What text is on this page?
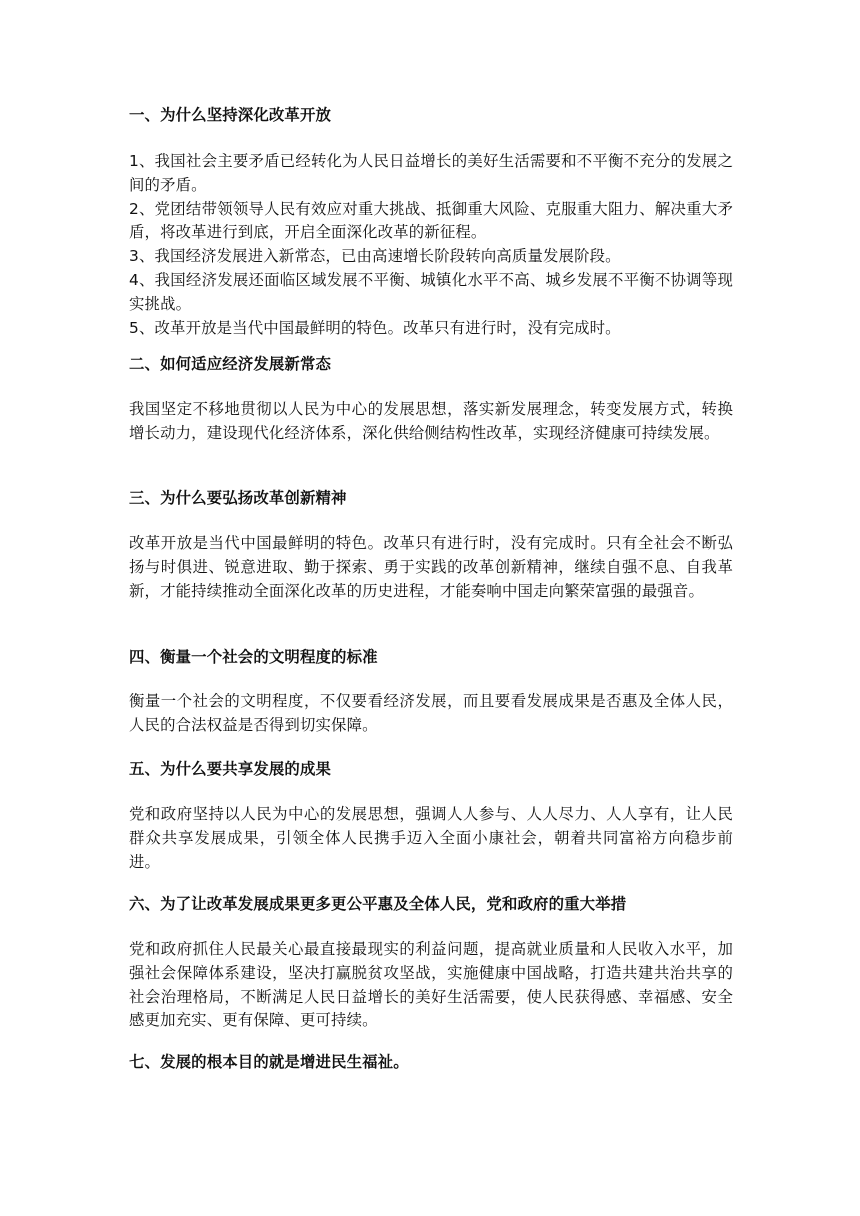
一、为什么坚持深化改革开放

1、我国社会主要矛盾已经转化为人民日益增长的美好生活需要和不平衡不充分的发展之间的矛盾。
2、党团结带领领导人民有效应对重大挑战、抵御重大风险、克服重大阻力、解决重大矛盾，将改革进行到底，开启全面深化改革的新征程。
3、我国经济发展进入新常态，已由高速增长阶段转向高质量发展阶段。
4、我国经济发展还面临区域发展不平衡、城镇化水平不高、城乡发展不平衡不协调等现实挑战。
5、改革开放是当代中国最鲜明的特色。改革只有进行时，没有完成时。

二、如何适应经济发展新常态

我国坚定不移地贯彻以人民为中心的发展思想，落实新发展理念，转变发展方式，转换增长动力，建设现代化经济体系，深化供给侧结构性改革，实现经济健康可持续发展。

三、为什么要弘扬改革创新精神

改革开放是当代中国最鲜明的特色。改革只有进行时，没有完成时。只有全社会不断弘扬与时俱进、锐意进取、勤于探索、勇于实践的改革创新精神，继续自强不息、自我革新，才能持续推动全面深化改革的历史进程，才能奏响中国走向繁荣富强的最强音。

四、衡量一个社会的文明程度的标准

衡量一个社会的文明程度，不仅要看经济发展，而且要看发展成果是否惠及全体人民，人民的合法权益是否得到切实保障。

五、为什么要共享发展的成果

党和政府坚持以人民为中心的发展思想，强调人人参与、人人尽力、人人享有，让人民群众共享发展成果，引领全体人民携手迈入全面小康社会，朝着共同富裕方向稳步前进。

六、为了让改革发展成果更多更公平惠及全体人民，党和政府的重大举措

党和政府抓住人民最关心最直接最现实的利益问题，提高就业质量和人民收入水平，加强社会保障体系建设，坚决打赢脱贫攻坚战，实施健康中国战略，打造共建共治共享的社会治理格局，不断满足人民日益增长的美好生活需要，使人民获得感、幸福感、安全感更加充实、更有保障、更可持续。

七、发展的根本目的就是增进民生福祉。
